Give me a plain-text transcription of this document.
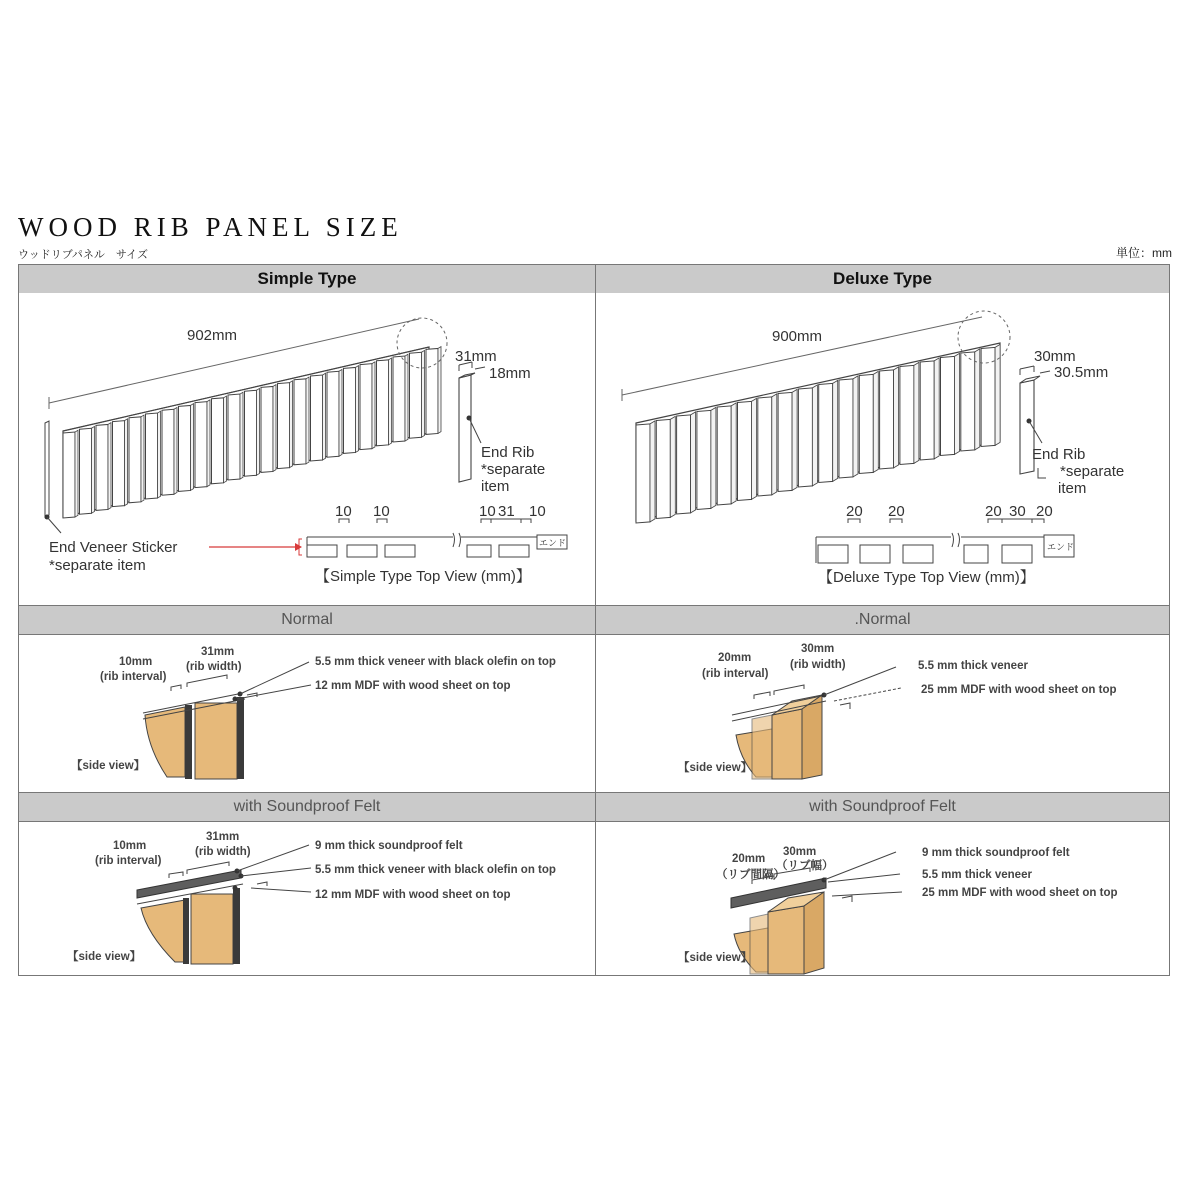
WOOD RIB PANEL SIZE
ウッドリブパネル　サイズ	単位：mm
Simple Type	Deluxe Type
Normal	.Normal
with Soundproof Felt	with Soundproof Felt
902mm
31mm
18mm
End Rib
*separate
item
End Veneer Sticker
*separate item
10 10	10 31 10
エンド
【Simple Type Top View (mm)】
900mm
30mm
30.5mm
End Rib
*separate
item
20 20	20 30 20
エンド
【Deluxe Type Top View (mm)】
10mm
(rib interval)
31mm
(rib width)	5.5 mm thick veneer with black olefin on top
12 mm MDF with wood sheet on top
【side view】
20mm
(rib interval)
30mm
(rib width)	5.5 mm thick veneer
25 mm MDF with wood sheet on top
【side view】
10mm
(rib interval)
31mm
(rib width)	9 mm thick soundproof felt
5.5 mm thick veneer with black olefin on top
12 mm MDF with wood sheet on top
【side view】
20mm
（リブ間隔）
30mm
（リブ幅）
9 mm thick soundproof felt
5.5 mm thick veneer
25 mm MDF with wood sheet on top
【side view】
